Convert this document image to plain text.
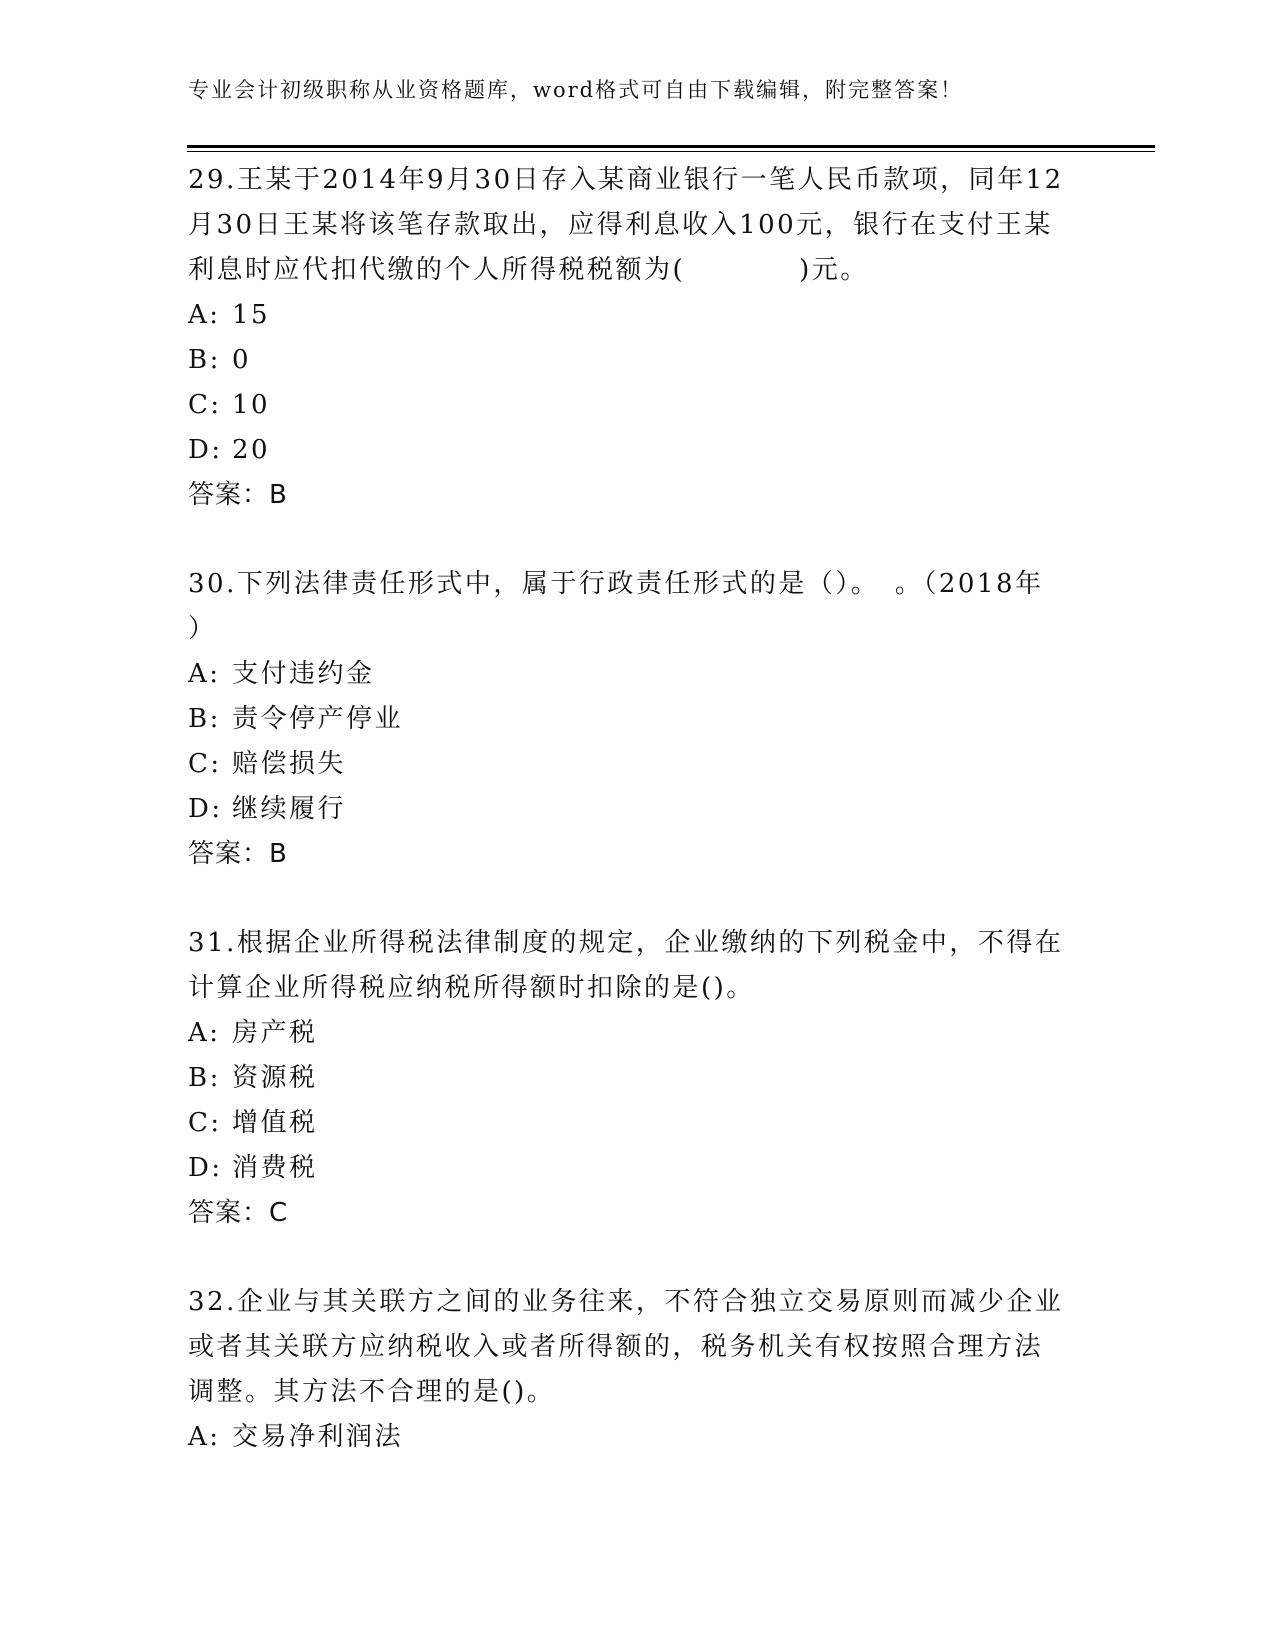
专业会计初级职称从业资格题库，word格式可自由下载编辑，附完整答案！
29.王某于2014年9月30日存入某商业银行一笔人民币款项，同年12
月30日王某将该笔存款取出，应得利息收入100元，银行在支付王某
利息时应代扣代缴的个人所得税税额为(　　　　)元。
A: 15
B: 0
C: 10
D: 20
答案：B
30.下列法律责任形式中，属于行政责任形式的是（）。　。（2018年
）
A: 支付违约金
B: 责令停产停业
C: 赔偿损失
D: 继续履行
答案：B
31.根据企业所得税法律制度的规定，企业缴纳的下列税金中，不得在
计算企业所得税应纳税所得额时扣除的是()。
A: 房产税
B: 资源税
C: 增值税
D: 消费税
答案：C
32.企业与其关联方之间的业务往来，不符合独立交易原则而减少企业
或者其关联方应纳税收入或者所得额的，税务机关有权按照合理方法
调整。其方法不合理的是()。
A: 交易净利润法
